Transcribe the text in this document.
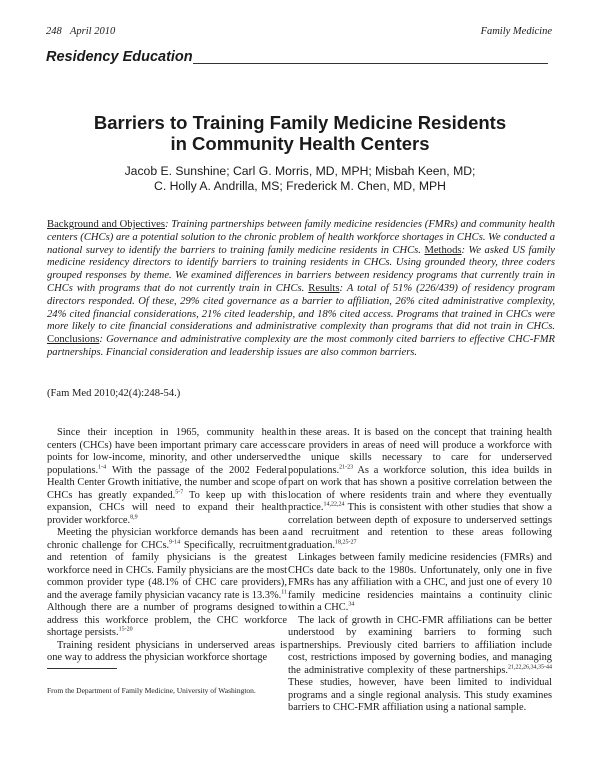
248 April 2010	Family Medicine
Residency Education
Barriers to Training Family Medicine Residents
in Community Health Centers
Jacob E. Sunshine; Carl G. Morris, MD, MPH; Misbah Keen, MD;
C. Holly A. Andrilla, MS; Frederick M. Chen, MD, MPH
Background and Objectives: Training partnerships between family medicine residencies (FMRs) and community health centers (CHCs) are a potential solution to the chronic problem of health workforce shortages in CHCs. We conducted a national survey to identify the barriers to training family medicine residents in CHCs. Methods: We asked US family medicine residency directors to identify barriers to training residents in CHCs. Using grounded theory, three coders grouped responses by theme. We examined differences in barriers between residency programs that currently train in CHCs with programs that do not currently train in CHCs. Results: A total of 51% (226/439) of residency program directors responded. Of these, 29% cited governance as a barrier to affiliation, 26% cited administrative complexity, 24% cited financial considerations, 21% cited leadership, and 18% cited access. Programs that trained in CHCs were more likely to cite financial considerations and administrative complexity than programs that did not train in CHCs. Conclusions: Governance and administrative complexity are the most commonly cited barriers to effective CHC-FMR partnerships. Financial consideration and leadership issues are also common barriers.
(Fam Med 2010;42(4):248-54.)

Since their inception in 1965, community health centers (CHCs) have been important primary care access points for low-income, minority, and other underserved populations.$^{1-4}$ With the passage of the 2002 Federal Health Center Growth initiative, the number and scope of CHCs has greatly expanded.$^{5-7}$ To keep up with this expansion, CHCs will need to expand their health provider workforce.$^{8,9}$

Meeting the physician workforce demands has been a chronic challenge for CHCs.$^{9-14}$ Specifically, recruitment and retention of family physicians is the greatest workforce need in CHCs. Family physicians are the most common provider type (48.1% of CHC care providers), and the average family physician vacancy rate is 13.3%.$^{11}$ Although there are a number of programs designed to address this workforce problem, the CHC workforce shortage persists.$^{15-20}$

Training resident physicians in underserved areas is one way to address the physician workforce shortage

in these areas. It is based on the concept that training health care providers in areas of need will produce a workforce with the unique skills necessary to care for underserved populations.$^{21-23}$ As a workforce solution, this idea builds in part on work that has shown a positive correlation between the location of where residents train and where they eventually practice.$^{14,22,24}$ This is consistent with other studies that show a correlation between depth of exposure to underserved settings and recruitment and retention to these areas following graduation.$^{18,25-27}$

Linkages between family medicine residencies (FMRs) and CHCs date back to the 1980s. Unfortunately, only one in five FMRs has any affiliation with a CHC, and just one of every 10 family medicine residencies maintains a continuity clinic within a CHC.$^{34}$

The lack of growth in CHC-FMR affiliations can be better understood by examining barriers to forming such partnerships. Previously cited barriers to affiliation include cost, restrictions imposed by governing bodies, and managing the administrative complexity of these partnerships.$^{21,22,26,34,35-44}$ These studies, however, have been limited to individual programs and a single regional analysis. This study examines barriers to CHC-FMR affiliation using a national sample.

From the Department of Family Medicine, University of Washington.
